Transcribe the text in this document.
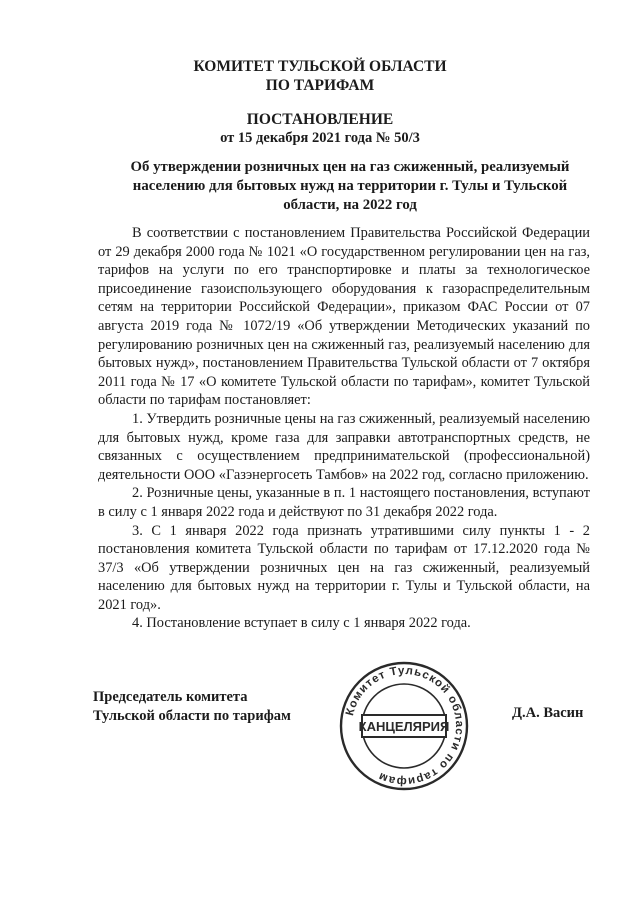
КОМИТЕТ ТУЛЬСКОЙ ОБЛАСТИ
ПО ТАРИФАМ
ПОСТАНОВЛЕНИЕ
от 15 декабря 2021 года № 50/3
Об утверждении розничных цен на газ сжиженный, реализуемый населению для бытовых нужд на территории г. Тулы и Тульской области, на 2022 год

В соответствии с постановлением Правительства Российской Федерации от 29 декабря 2000 года № 1021 «О государственном регулировании цен на газ, тарифов на услуги по его транспортировке и платы за технологическое присоединение газоиспользующего оборудования к газораспределительным сетям на территории Российской Федерации», приказом ФАС России от 07 августа 2019 года № 1072/19 «Об утверждении Методических указаний по регулированию розничных цен на сжиженный газ, реализуемый населению для бытовых нужд», постановлением Правительства Тульской области от 7 октября 2011 года № 17 «О комитете Тульской области по тарифам», комитет Тульской области по тарифам постановляет:

1. Утвердить розничные цены на газ сжиженный, реализуемый населению для бытовых нужд, кроме газа для заправки автотранспортных средств, не связанных с осуществлением предпринимательской (профессиональной) деятельности ООО «Газэнергосеть Тамбов» на 2022 год, согласно приложению.

2. Розничные цены, указанные в п. 1 настоящего постановления, вступают в силу с 1 января 2022 года и действуют по 31 декабря 2022 года.

3. С 1 января 2022 года признать утратившими силу пункты 1 - 2 постановления комитета Тульской области по тарифам от 17.12.2020 года № 37/3 «Об утверждении розничных цен на газ сжиженный, реализуемый населению для бытовых нужд на территории г. Тулы и Тульской области, на 2021 год».

4. Постановление вступает в силу с 1 января 2022 года.

Председатель комитета
Тульской области по тарифам	Комитет Тульской области по тарифам
КАНЦЕЛЯРИЯ
Д.А. Васин
